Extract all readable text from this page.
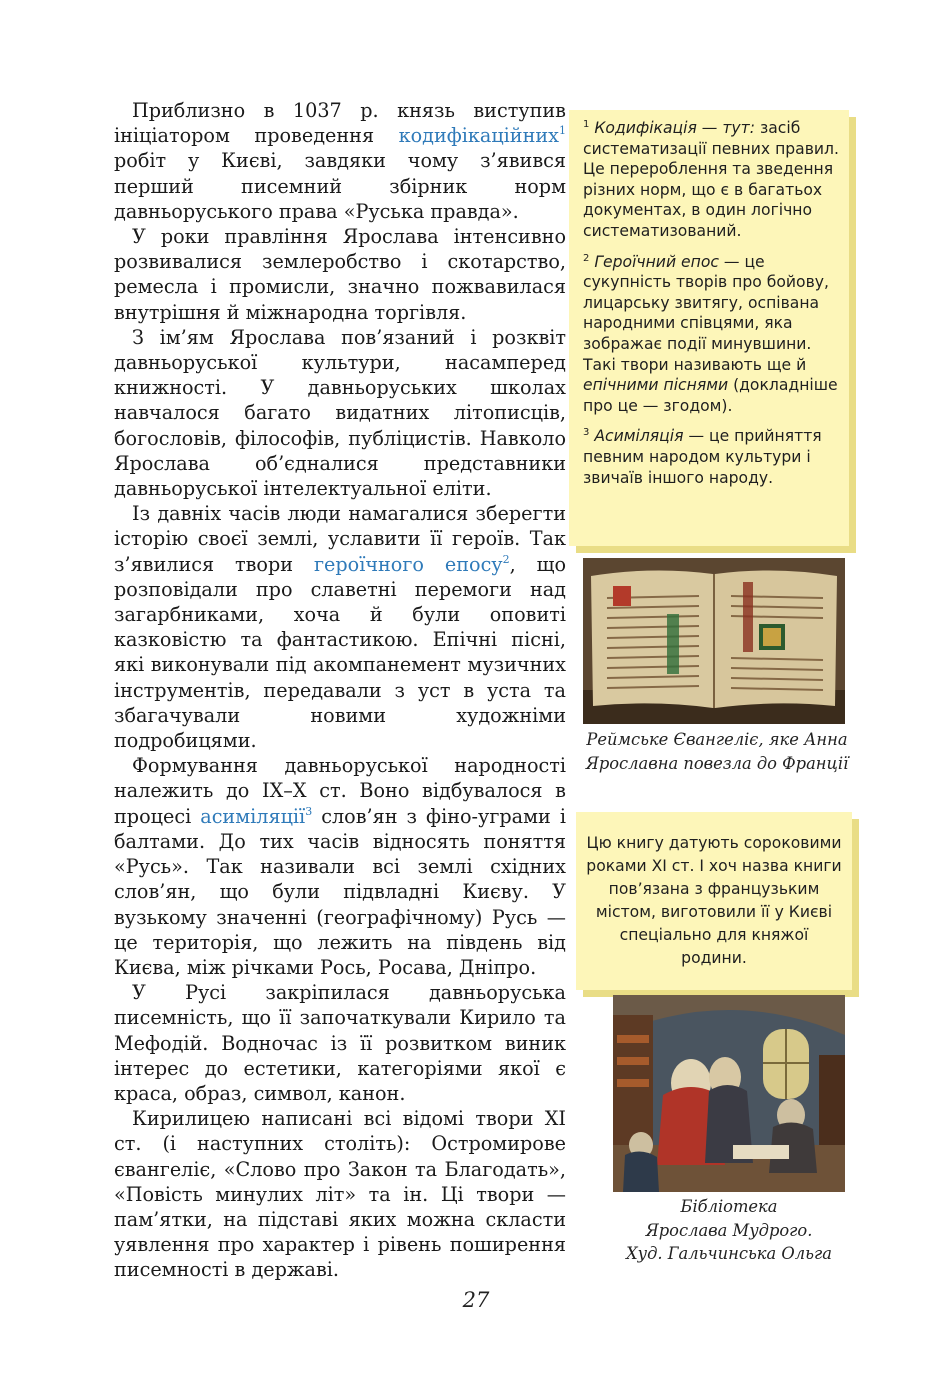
Приблизно в 1037 р. князь виступив ініціатором проведення кодифікаційних$^1$ робіт у Києві, завдяки чому з’явився перший писемний збірник норм давньоруського права «Руська правда».

У роки правління Ярослава інтенсивно розвивалися землеробство і скотарство, ремесла і промисли, значно пожвавилася внутрішня й міжнародна торгівля.

З ім’ям Ярослава пов’язаний і розквіт давньоруської культури, насамперед книжності. У давньоруських школах навчалося багато видатних літописців, богословів, філософів, публіцистів. Навколо Ярослава об’єдналися представники давньоруської інтелектуальної еліти.

Із давніх часів люди намагалися зберегти історію своєї землі, уславити її героїв. Так з’явилися твори героїчного епосу$^2$, що розповідали про славетні перемоги над загарбниками, хоча й були оповиті казковістю та фантастикою. Епічні пісні, які виконували під акомпанемент музичних інструментів, передавали з уст в уста та збагачували новими художніми подробицями.

Формування давньоруської народності належить до IX–X ст. Воно відбувалося в процесі асиміляції$^3$ слов’ян з фіно-уграми і балтами. До тих часів відносять поняття «Русь». Так називали всі землі східних слов’ян, що були підвладні Києву. У вузькому значенні (географічному) Русь — це територія, що лежить на південь від Києва, між річками Рось, Росава, Дніпро.

У Русі закріпилася давньоруська писемність, що її започаткували Кирило та Мефодій. Водночас із її розвитком виник інтерес до естетики, категоріями якої є краса, образ, символ, канон.

Кирилицею написані всі відомі твори XI ст. (і наступних століть): Остромирове євангеліє, «Слово про Закон та Благодать», «Повість минулих літ» та ін. Ці твори — пам’ятки, на підставі яких можна скласти уявлення про характер і рівень поширення писемності в державі.

$^1$ Кодифікація — тут: засіб систематизації певних правил. Це перероблення та зведення різних норм, що є в багатьох документах, в один логічно систематизований.
$^2$ Героїчний епос — це сукупність творів про бойову, лицарську звитягу, оспівана народними співцями, яка зображає події минувшини.
Такі твори називають ще й епічними піснями (докладніше про це — згодом).
$^3$ Асиміляція — це прийняття певним народом культури і звичаїв іншого народу.
Реймське Євангеліє, яке Анна Ярославна повезла до Франції
Цю книгу датують сороковими роками XI ст. І хоч назва книги пов’язана з французьким містом, виготовили її у Києві спеціально для княжої родини.
Бібліотека
Ярослава Мудрого.
Худ. Гальчинська Ольга
27
